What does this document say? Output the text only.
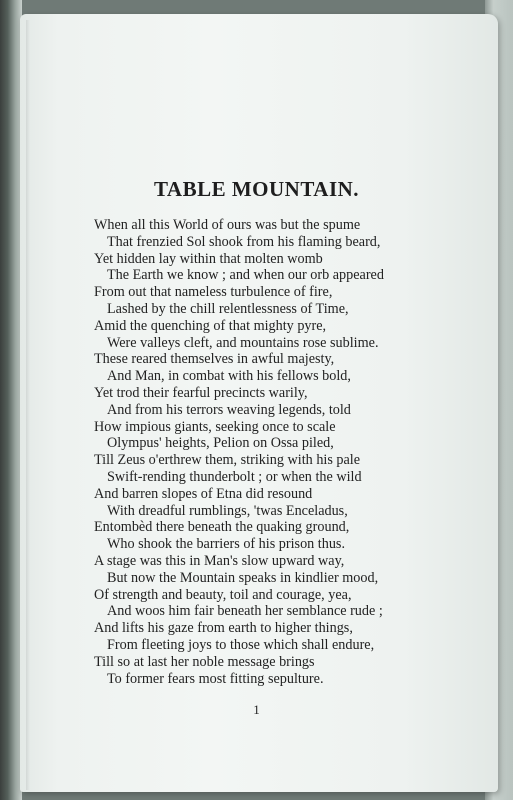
TABLE MOUNTAIN.
When all this World of ours was but the spume
That frenzied Sol shook from his flaming beard,
Yet hidden lay within that molten womb
The Earth we know ; and when our orb appeared
From out that nameless turbulence of fire,
Lashed by the chill relentlessness of Time,
Amid the quenching of that mighty pyre,
Were valleys cleft, and mountains rose sublime.
These reared themselves in awful majesty,
And Man, in combat with his fellows bold,
Yet trod their fearful precincts warily,
And from his terrors weaving legends, told
How impious giants, seeking once to scale
Olympus' heights, Pelion on Ossa piled,
Till Zeus o'erthrew them, striking with his pale
Swift-rending thunderbolt ; or when the wild
And barren slopes of Etna did resound
With dreadful rumblings, 'twas Enceladus,
Entombèd there beneath the quaking ground,
Who shook the barriers of his prison thus.
A stage was this in Man's slow upward way,
But now the Mountain speaks in kindlier mood,
Of strength and beauty, toil and courage, yea,
And woos him fair beneath her semblance rude ;
And lifts his gaze from earth to higher things,
From fleeting joys to those which shall endure,
Till so at last her noble message brings
To former fears most fitting sepulture.

1
